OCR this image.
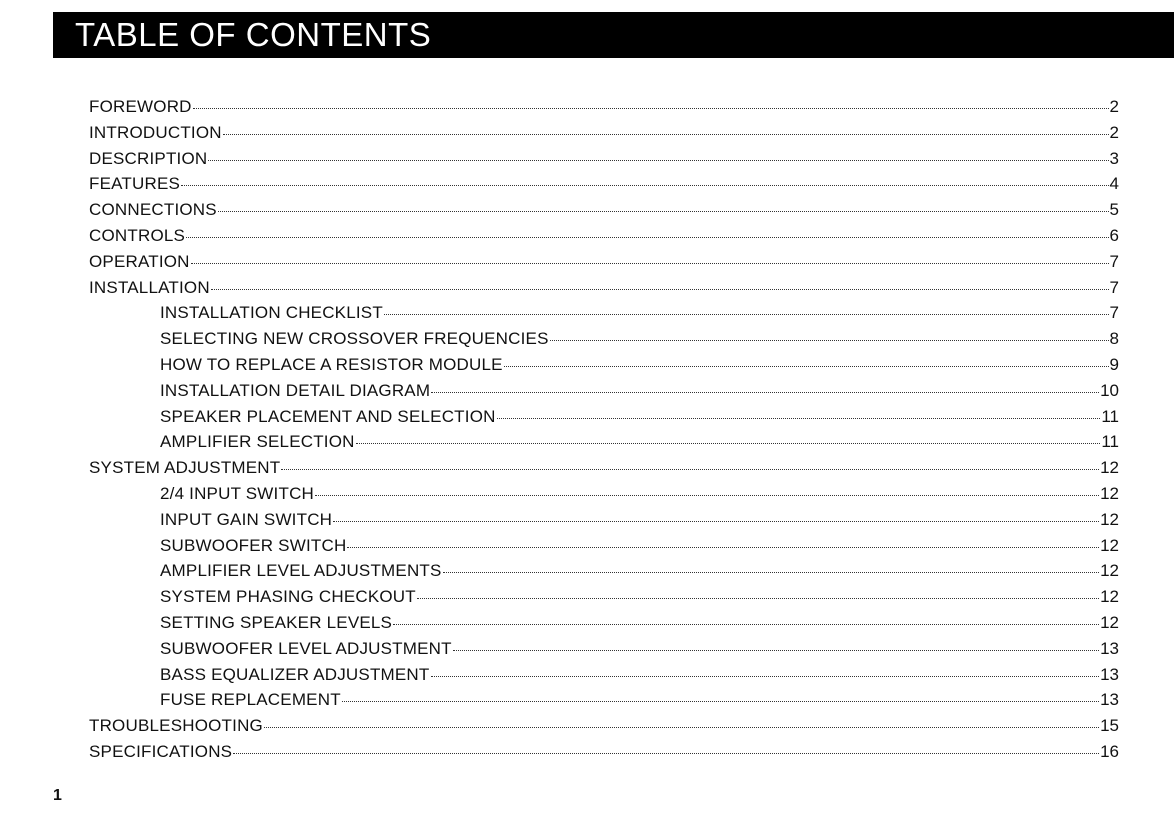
TABLE OF CONTENTS
FOREWORD	2
INTRODUCTION	2
DESCRIPTION	3
FEATURES	4
CONNECTIONS	5
CONTROLS	6
OPERATION	7
INSTALLATION	7
INSTALLATION CHECKLIST	7
SELECTING NEW CROSSOVER FREQUENCIES	8
HOW TO REPLACE A RESISTOR MODULE	9
INSTALLATION DETAIL DIAGRAM	10
SPEAKER PLACEMENT AND SELECTION	11
AMPLIFIER SELECTION	11
SYSTEM ADJUSTMENT	12
2/4 INPUT SWITCH	12
INPUT GAIN SWITCH	12
SUBWOOFER SWITCH	12
AMPLIFIER LEVEL ADJUSTMENTS	12
SYSTEM PHASING CHECKOUT	12
SETTING SPEAKER LEVELS	12
SUBWOOFER LEVEL ADJUSTMENT	13
BASS EQUALIZER ADJUSTMENT	13
FUSE REPLACEMENT	13
TROUBLESHOOTING	15
SPECIFICATIONS	16
1
